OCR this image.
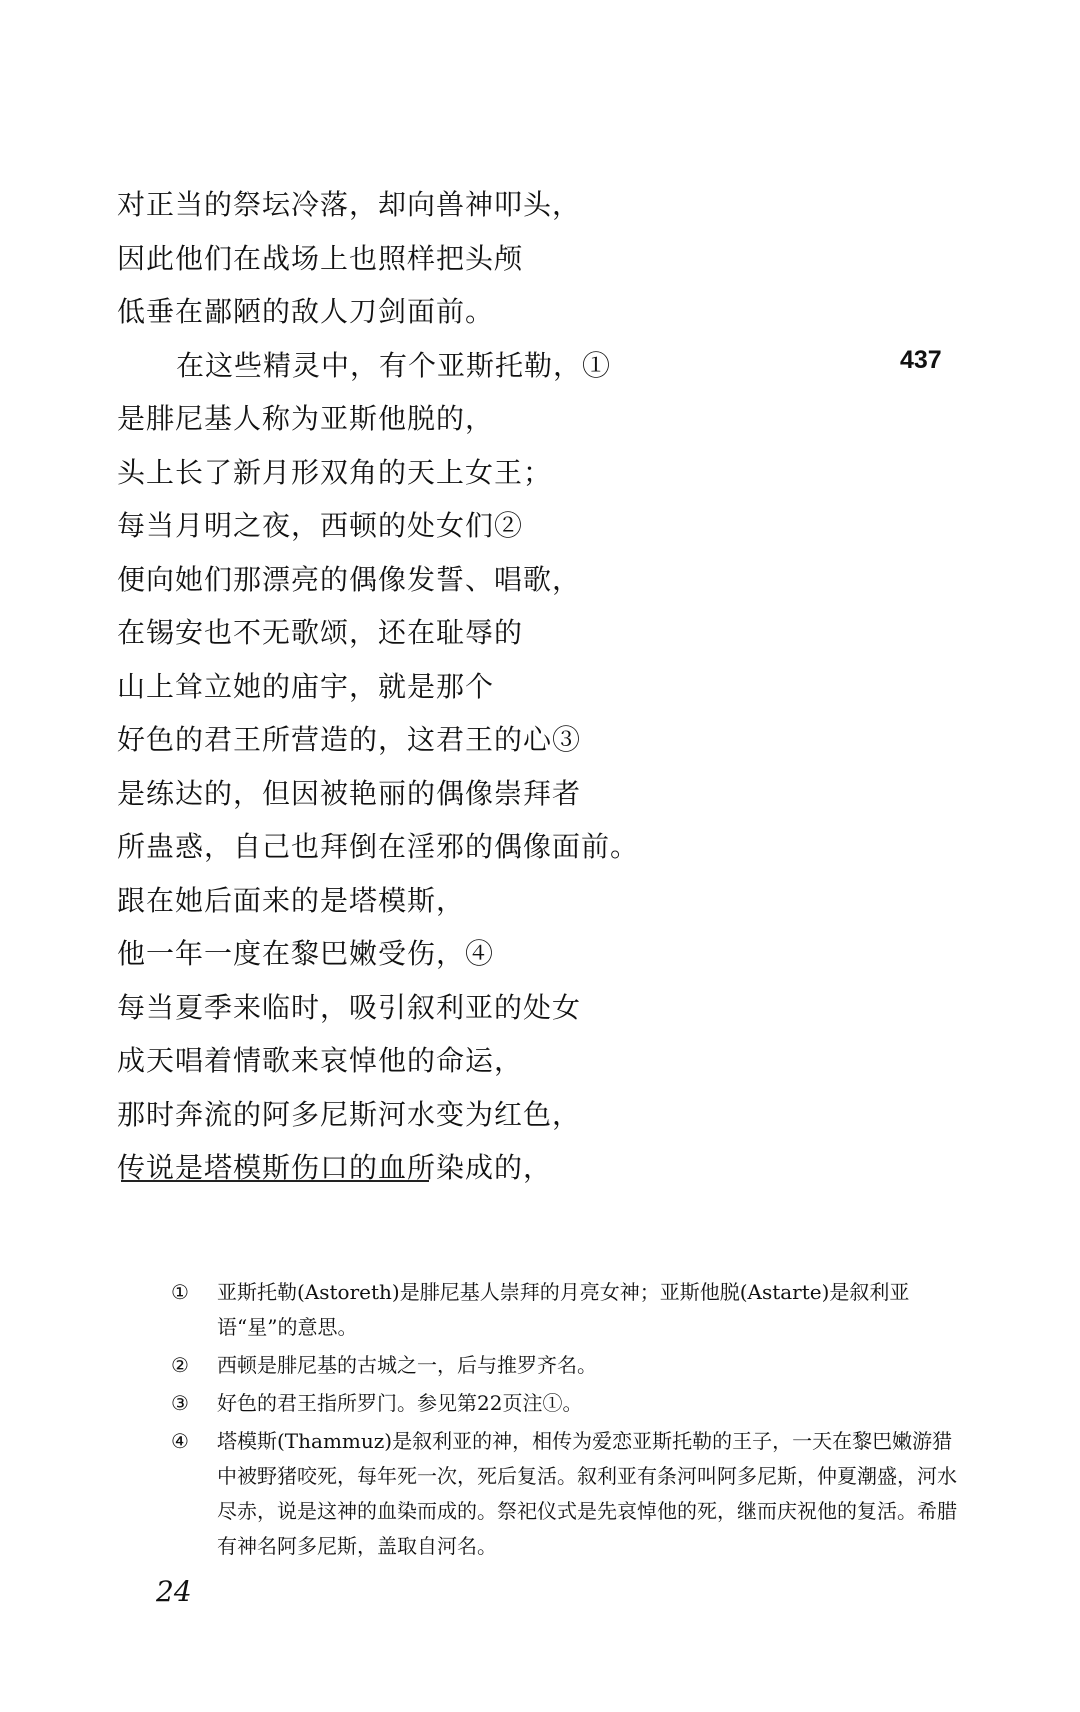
对正当的祭坛冷落，却向兽神叩头，
因此他们在战场上也照样把头颅
低垂在鄙陋的敌人刀剑面前。
在这些精灵中，有个亚斯托勒，①
是腓尼基人称为亚斯他脱的，
头上长了新月形双角的天上女王；
每当月明之夜，西顿的处女们②
便向她们那漂亮的偶像发誓、唱歌，
在锡安也不无歌颂，还在耻辱的
山上耸立她的庙宇，就是那个
好色的君王所营造的，这君王的心③
是练达的，但因被艳丽的偶像崇拜者
所蛊惑，自己也拜倒在淫邪的偶像面前。
跟在她后面来的是塔模斯，
他一年一度在黎巴嫩受伤，④
每当夏季来临时，吸引叙利亚的处女
成天唱着情歌来哀悼他的命运，
那时奔流的阿多尼斯河水变为红色，
传说是塔模斯伤口的血所染成的，
437
①	亚斯托勒(Astoreth)是腓尼基人崇拜的月亮女神；亚斯他脱(Astarte)是叙利亚语“星”的意思。
②	西顿是腓尼基的古城之一，后与推罗齐名。
③	好色的君王指所罗门。参见第22页注①。
④	塔模斯(Thammuz)是叙利亚的神，相传为爱恋亚斯托勒的王子，一天在黎巴嫩游猎中被野猪咬死，每年死一次，死后复活。叙利亚有条河叫阿多尼斯，仲夏潮盛，河水尽赤，说是这神的血染而成的。祭祀仪式是先哀悼他的死，继而庆祝他的复活。希腊有神名阿多尼斯，盖取自河名。
24
